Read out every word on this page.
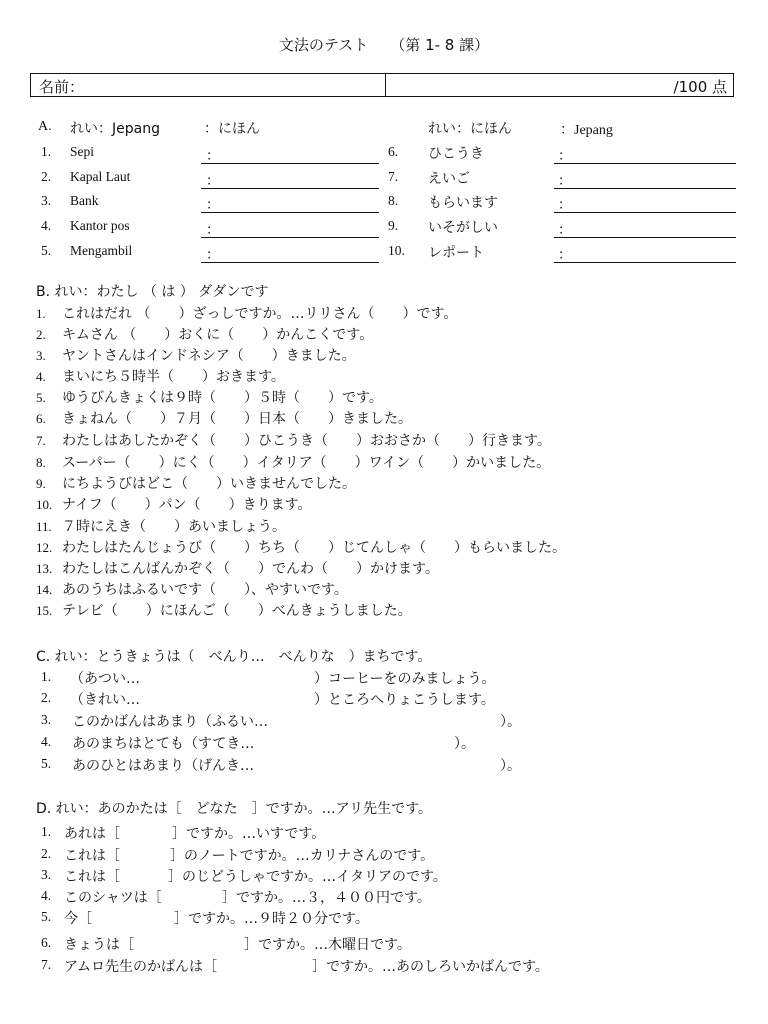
文法のテスト （第 1- 8 課）
名前：	/100 点
A. れい：Jepang	：にほん	れい：にほん	：Jepang
1. Sepi	：
2. Kapal Laut	：
3. Bank	：
4. Kantor pos	：
5. Mengambil	：
6. ひこうき	：
7. えいご	：
8. もらいます	：
9. いそがしい	：
10. レポート	：
B. れい：わたし （ は ） ダダンです
1. これはだれ （　　）ざっしですか。…リリさん（　　）です。
2. キムさん （　　）おくに（　　）かんこくです。
3. ヤントさんはインドネシア（　　）きました。
4. まいにち５時半（　　）おきます。
5. ゆうびんきょくは９時（　　）５時（　　）です。
6. きょねん（　　）７月（　　）日本（　　）きました。
7. わたしはあしたかぞく（　　）ひこうき（　　）おおさか（　　）行きます。
8. スーパー（　　）にく（　　）イタリア（　　）ワイン（　　）かいました。
9. にちようびはどこ（　　）いきませんでした。
10. ナイフ（　　）パン（　　）きります。
11. ７時にえき（　　）あいましょう。
12. わたしはたんじょうび（　　）ちち（　　）じてんしゃ（　　）もらいました。
13. わたしはこんばんかぞく（　　）でんわ（　　）かけます。
14. あのうちはふるいです（　　）、やすいです。
15. テレビ（　　）にほんご（　　）べんきょうしました。
C. れい：とうきょうは（　べんり…　べんりな　）まちです。
1. （あつい…	）コーヒーをのみましょう。
2. （きれい…	）ところへりょこうします。
3. このかばんはあまり（ふるい…	）。
4. あのまちはとても（すてき…	）。
5. あのひとはあまり（げんき…	）。
D. れい：あのかたは［　どなた　］ですか。…アリ先生です。
1. あれは［	］ですか。…いすです。
2. これは［	］のノートですか。…カリナさんのです。
3. これは［	］のじどうしゃですか。…イタリアのです。
4. このシャツは［	］ですか。…３，４００円です。
5. 今［	］ですか。…９時２０分です。
6. きょうは［	］ですか。…木曜日です。
7. アムロ先生のかばんは［	］ですか。…あのしろいかばんです。
